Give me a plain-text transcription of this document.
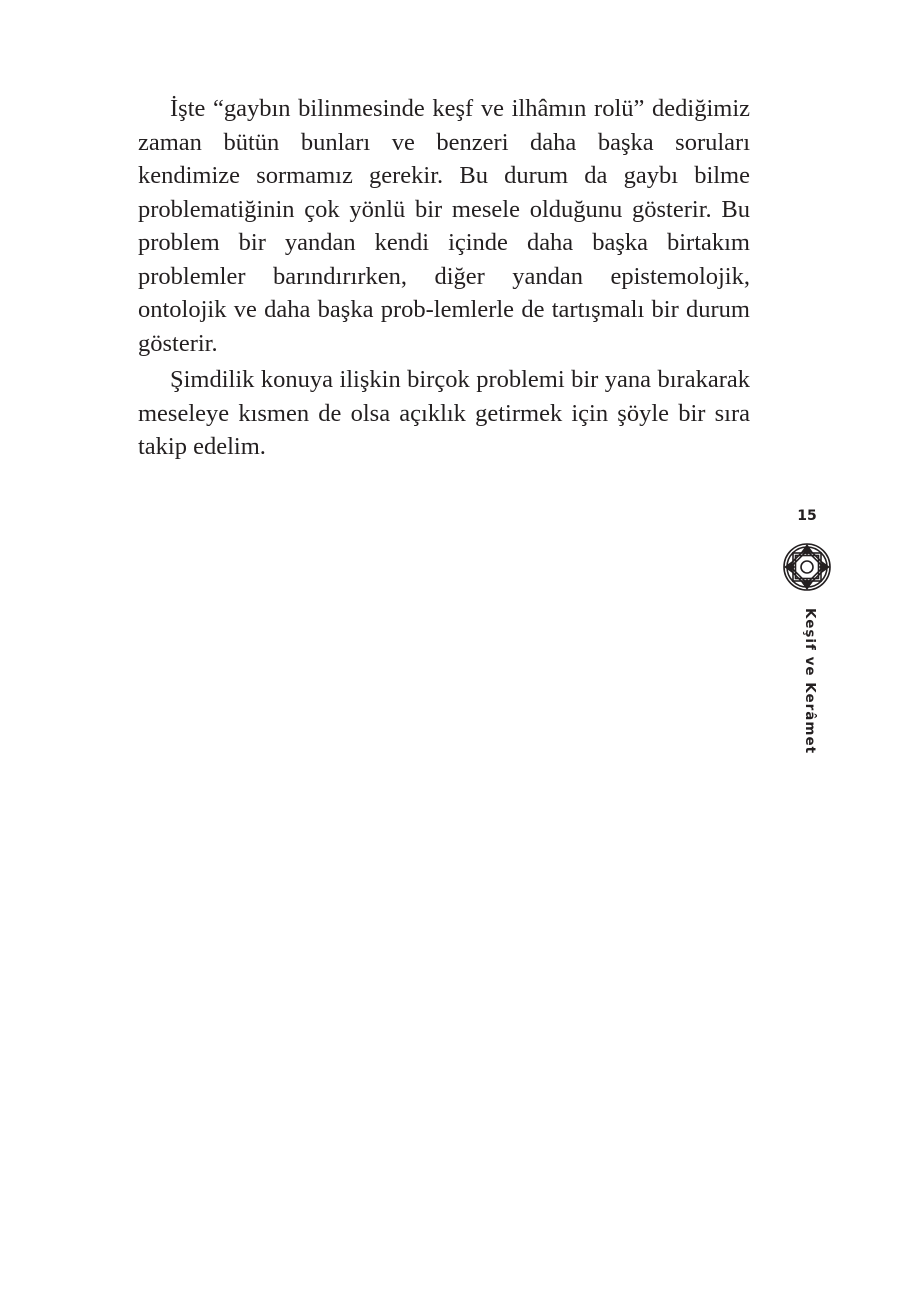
İşte “gaybın bilinmesinde keşf ve ilhâmın rolü” dediğimiz zaman bütün bunları ve benzeri daha başka soruları kendimize sormamız gerekir. Bu durum da gaybı bilme problematiğinin çok yönlü bir mesele olduğunu gösterir. Bu problem bir yandan kendi içinde daha başka birtakım problemler barındırırken, diğer yandan epistemolojik, ontolojik ve daha başka prob-lemlerle de tartışmalı bir durum gösterir.

Şimdilik konuya ilişkin birçok problemi bir yana bırakarak meseleye kısmen de olsa açıklık getirmek için şöyle bir sıra takip edelim.

15
Keşif ve Kerâmet
